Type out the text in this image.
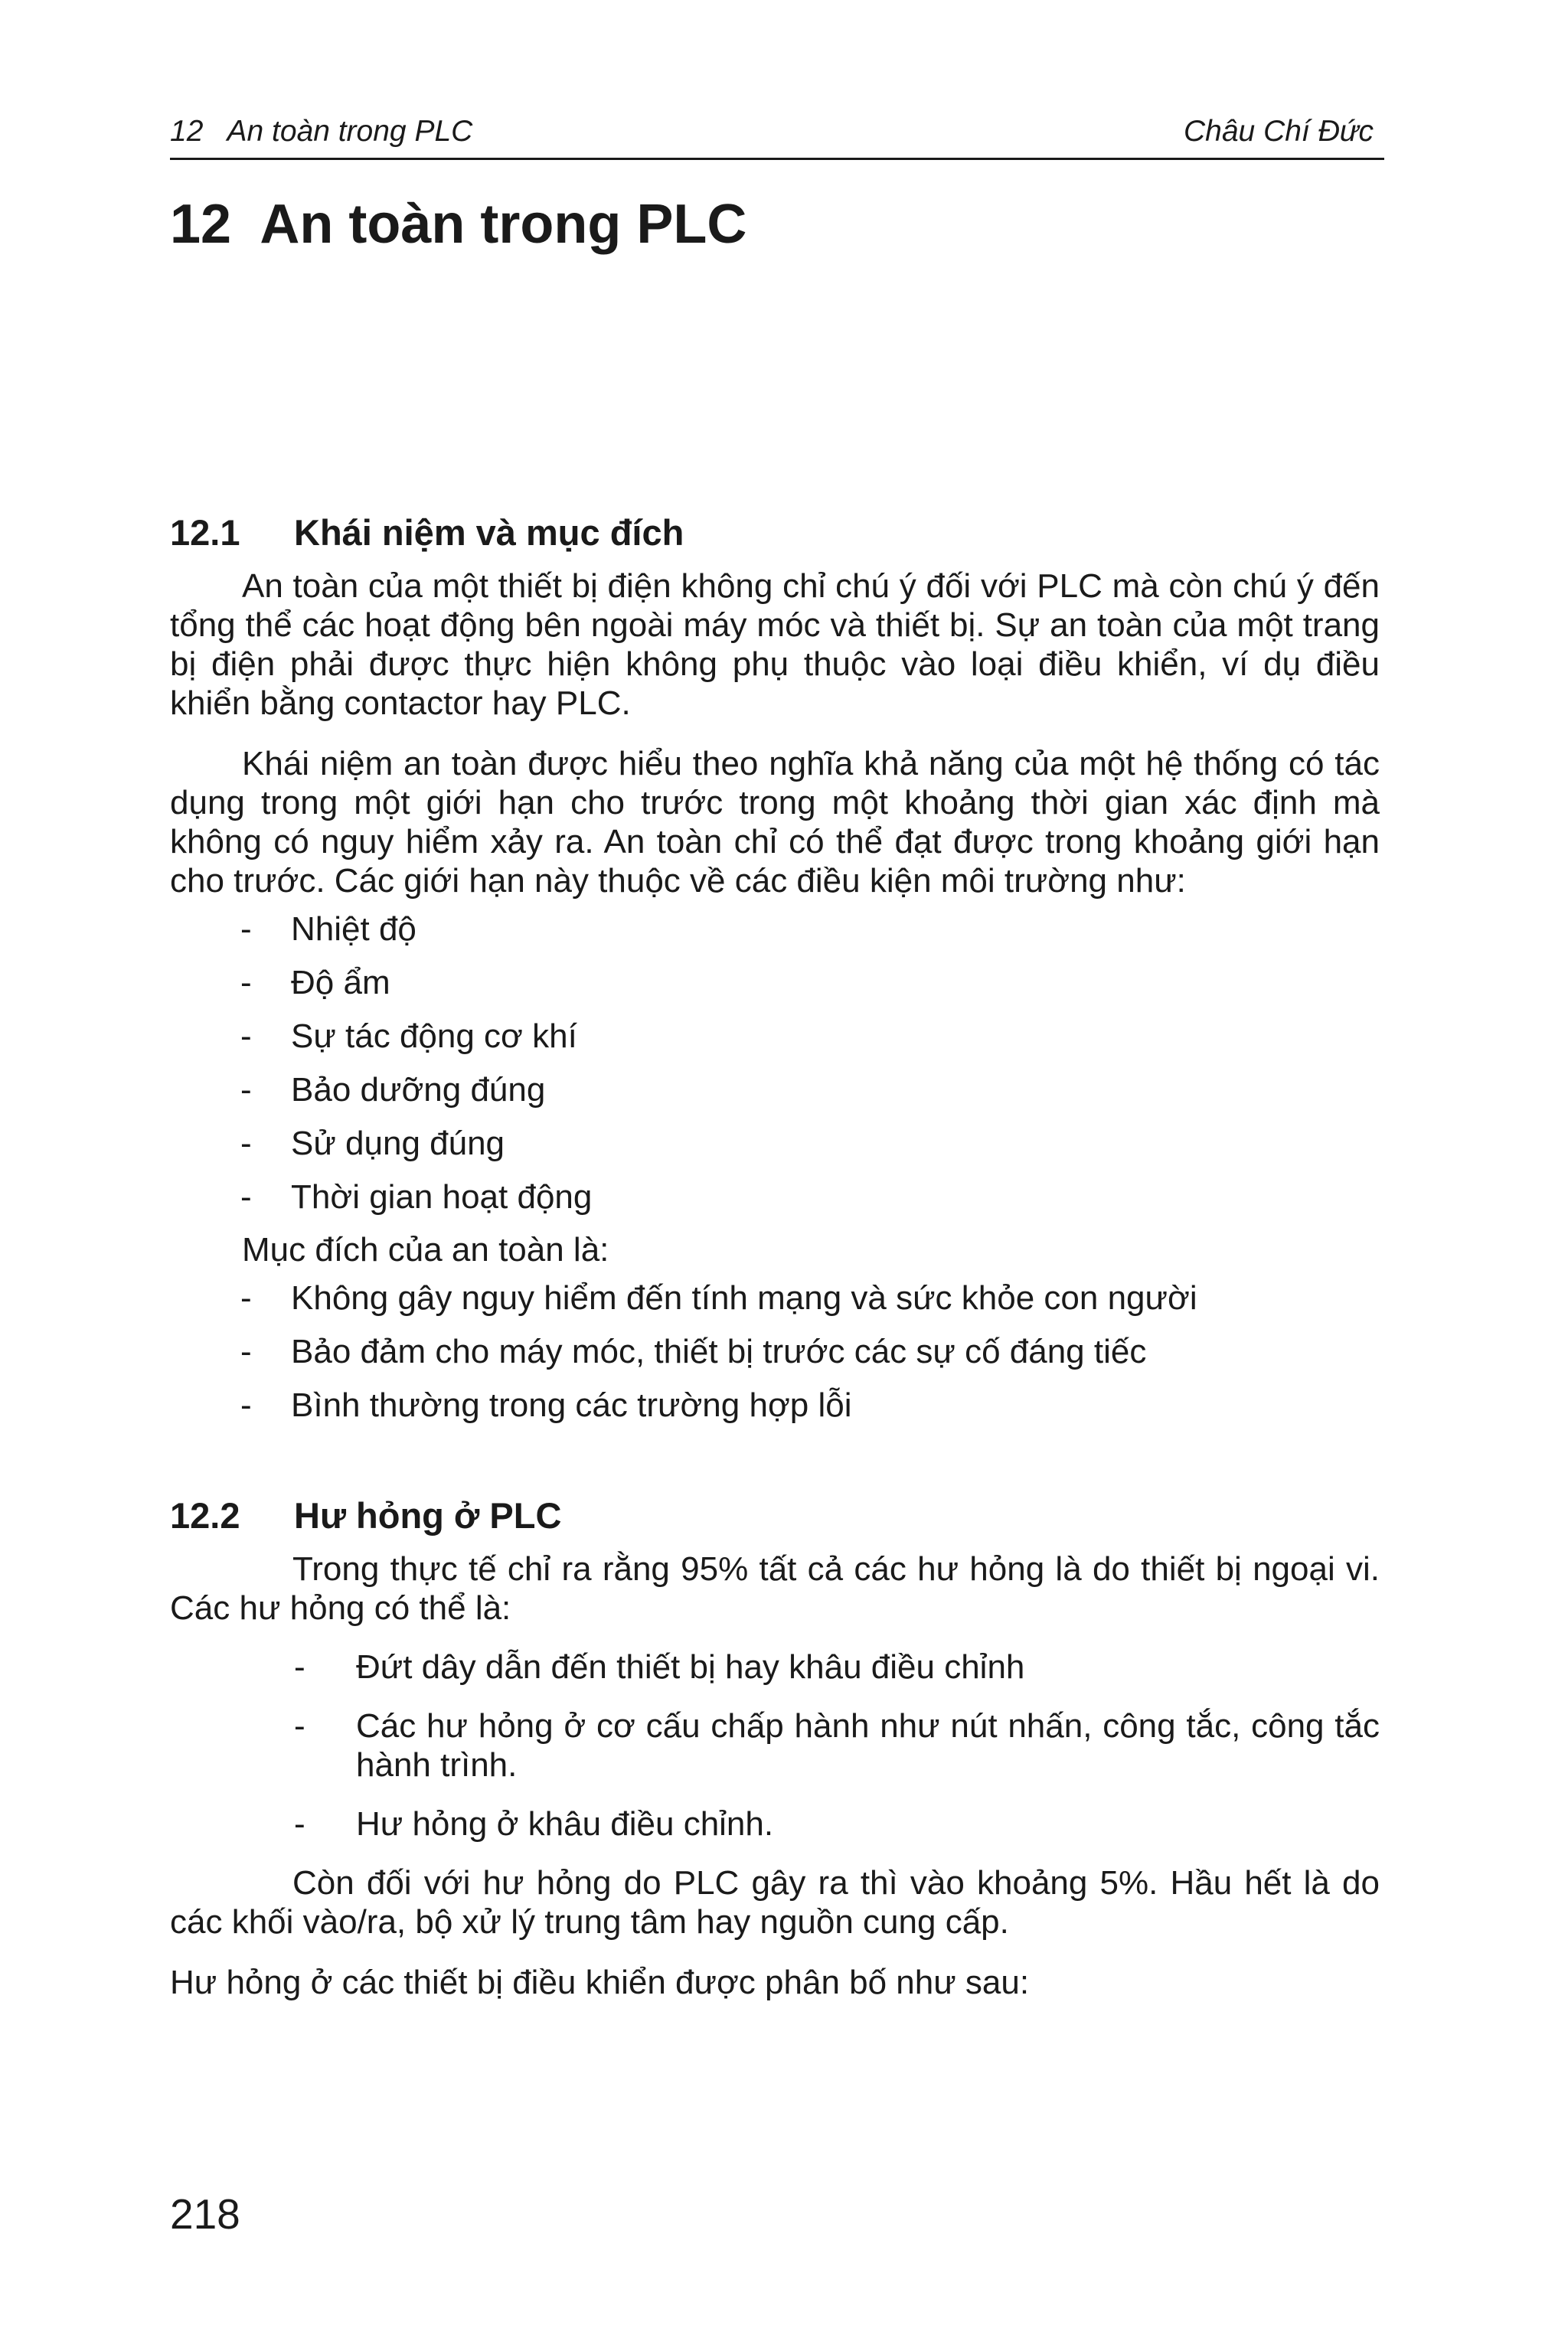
12   An toàn trong PLC	Châu Chí Đức
12  An toàn trong PLC
12.1 Khái niệm và mục đích

An toàn của một thiết bị điện không chỉ chú ý đối với PLC mà còn chú ý đến tổng thể các hoạt động bên ngoài máy móc và thiết bị. Sự an toàn của một trang bị điện phải được thực hiện không phụ thuộc vào loại điều khiển, ví dụ điều khiển bằng contactor hay PLC.

Khái niệm an toàn được hiểu theo nghĩa khả năng của một hệ thống có tác dụng trong một giới hạn cho trước trong một khoảng thời gian xác định mà không có nguy hiểm xảy ra. An toàn chỉ có thể đạt được trong khoảng giới hạn cho trước. Các giới hạn này thuộc về các điều kiện môi trường như:

- Nhiệt độ
- Độ ẩm
- Sự tác động cơ khí
- Bảo dưỡng đúng
- Sử dụng đúng
- Thời gian hoạt động

Mục đích của an toàn là:

- Không gây nguy hiểm đến tính mạng và sức khỏe con người
- Bảo đảm cho máy móc, thiết bị trước các sự cố đáng tiếc
- Bình thường trong các trường hợp lỗi
12.2 Hư hỏng ở PLC

Trong thực tế chỉ ra rằng 95% tất cả các hư hỏng là do thiết bị ngoại vi. Các hư hỏng có thể là:

- Đứt dây dẫn đến thiết bị hay khâu điều chỉnh
- Các hư hỏng ở cơ cấu chấp hành như nút nhấn, công tắc, công tắc hành trình.
- Hư hỏng ở khâu điều chỉnh.

Còn đối với hư hỏng do PLC gây ra thì vào khoảng 5%. Hầu hết là do các khối vào/ra, bộ xử lý trung tâm hay nguồn cung cấp.

Hư hỏng ở các thiết bị điều khiển được phân bố như sau:

218
